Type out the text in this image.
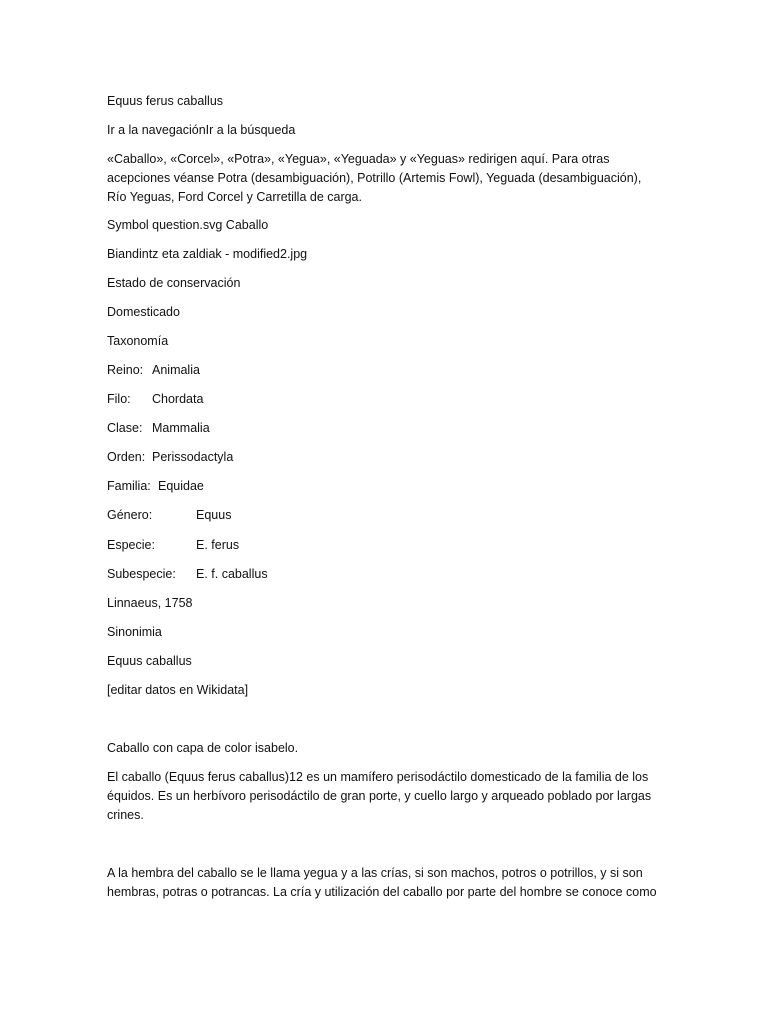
Equus ferus caballus
Ir a la navegaciónIr a la búsqueda
«Caballo», «Corcel», «Potra», «Yegua», «Yeguada» y «Yeguas» redirigen aquí. Para otras
acepciones véanse Potra (desambiguación), Potrillo (Artemis Fowl), Yeguada (desambiguación),
Río Yeguas, Ford Corcel y Carretilla de carga.
Symbol question.svg Caballo
Biandintz eta zaldiak - modified2.jpg
Estado de conservación
Domesticado
Taxonomía
Reino: Animalia
Filo: Chordata
Clase: Mammalia
Orden: Perissodactyla
Familia: Equidae
Género:	Equus
Especie:	E. ferus
Subespecie: E. f. caballus
Linnaeus, 1758
Sinonimia
Equus caballus
[editar datos en Wikidata]
Caballo con capa de color isabelo.
El caballo (Equus ferus caballus)12 es un mamífero perisodáctilo domesticado de la familia de los
équidos. Es un herbívoro perisodáctilo de gran porte, y cuello largo y arqueado poblado por largas
crines.
A la hembra del caballo se le llama yegua y a las crías, si son machos, potros o potrillos, y si son
hembras, potras o potrancas. La cría y utilización del caballo por parte del hombre se conoce como
